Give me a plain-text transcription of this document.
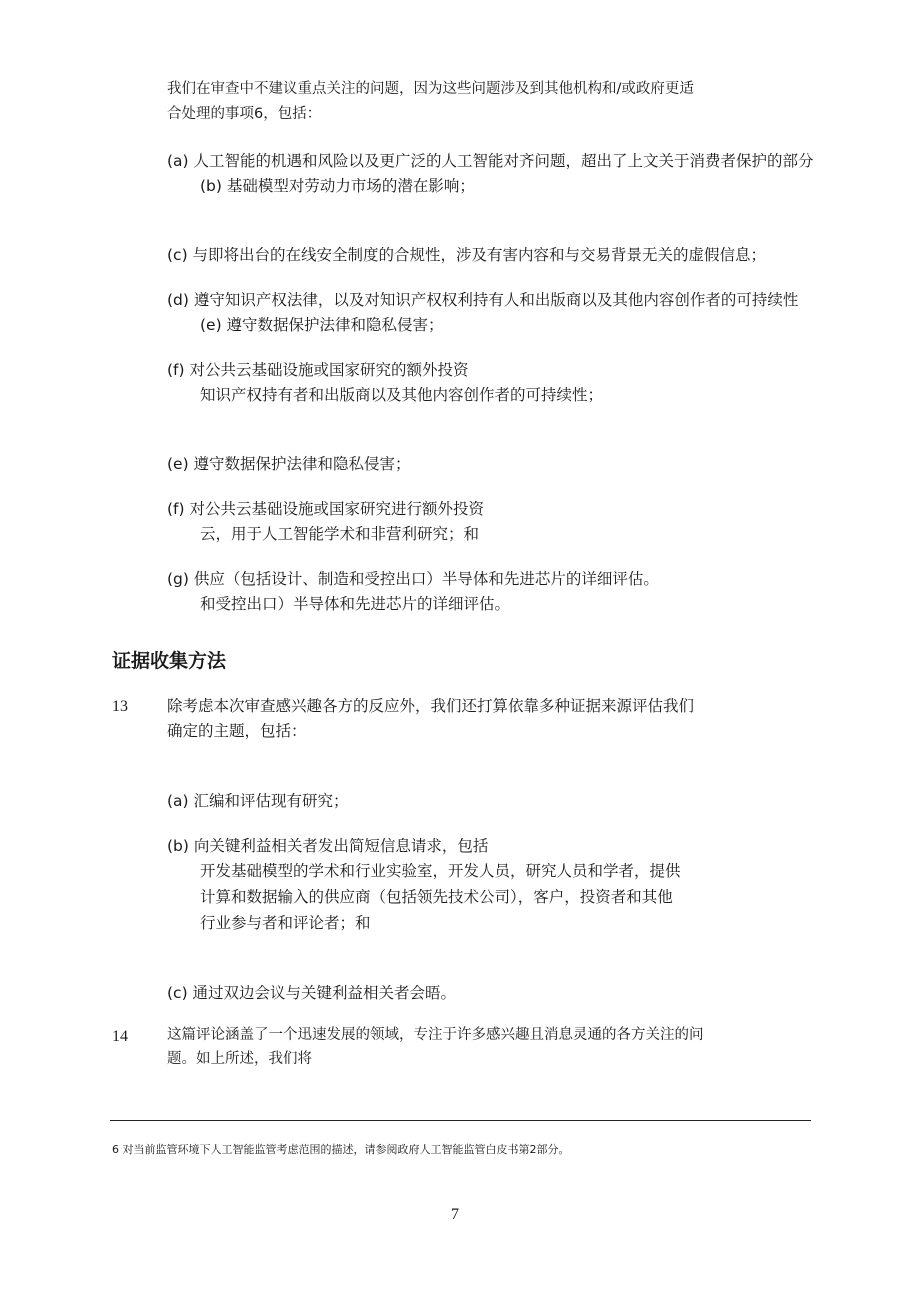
我们在审查中不建议重点关注的问题，因为这些问题涉及到其他机构和/或政府更适
合处理的事项6，包括：
(a) 人工智能的机遇和风险以及更广泛的人工智能对齐问题，超出了上文关于消费者保护的部分
(b) 基础模型对劳动力市场的潜在影响；
(c) 与即将出台的在线安全制度的合规性，涉及有害内容和与交易背景无关的虚假信息；
(d) 遵守知识产权法律，以及对知识产权权利持有人和出版商以及其他内容创作者的可持续性
(e) 遵守数据保护法律和隐私侵害；
(f) 对公共云基础设施或国家研究的额外投资
知识产权持有者和出版商以及其他内容创作者的可持续性；
(e) 遵守数据保护法律和隐私侵害；
(f) 对公共云基础设施或国家研究进行额外投资
云，用于人工智能学术和非营利研究；和
(g) 供应（包括设计、制造和受控出口）半导体和先进芯片的详细评估。
和受控出口）半导体和先进芯片的详细评估。
证据收集方法
13	除考虑本次审查感兴趣各方的反应外，我们还打算依靠多种证据来源评估我们
确定的主题，包括：
(a) 汇编和评估现有研究；
(b) 向关键利益相关者发出简短信息请求，包括
开发基础模型的学术和行业实验室，开发人员，研究人员和学者，提供
计算和数据输入的供应商（包括领先技术公司），客户，投资者和其他
行业参与者和评论者；和
(c) 通过双边会议与关键利益相关者会晤。
14	这篇评论涵盖了一个迅速发展的领域，专注于许多感兴趣且消息灵通的各方关注的问
题。如上所述，我们将
6 对当前监管环境下人工智能监管考虑范围的描述，请参阅政府人工智能监管白皮书第2部分。
7
